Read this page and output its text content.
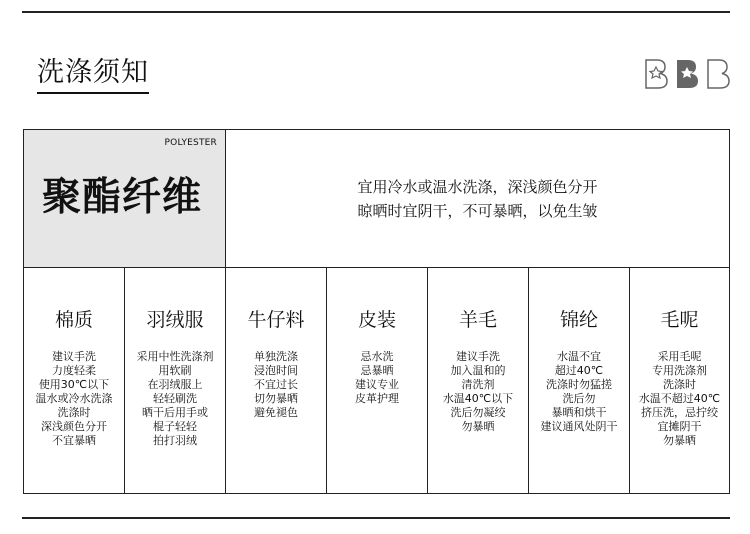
洗涤须知
POLYESTER
聚酯纤维	宜用冷水或温水洗涤，深浅颜色分开
晾晒时宜阴干，不可暴晒，以免生皱
棉质
建议手洗
力度轻柔
使用30℃以下
温水或冷水洗涤
洗涤时
深浅颜色分开
不宜暴晒
羽绒服
采用中性洗涤剂
用软刷
在羽绒服上
轻轻刷洗
晒干后用手或
棍子轻轻
拍打羽绒
牛仔料
单独洗涤
浸泡时间
不宜过长
切勿暴晒
避免褪色
皮装
忌水洗
忌暴晒
建议专业
皮革护理
羊毛
建议手洗
加入温和的
清洗剂
水温40℃以下
洗后勿凝绞
勿暴晒
锦纶
水温不宜
超过40℃
洗涤时勿猛搓
洗后勿
暴晒和烘干
建议通风处阴干
毛呢
采用毛呢
专用洗涤剂
洗涤时
水温不超过40℃
挤压洗，忌拧绞
宜摊阴干
勿暴晒
